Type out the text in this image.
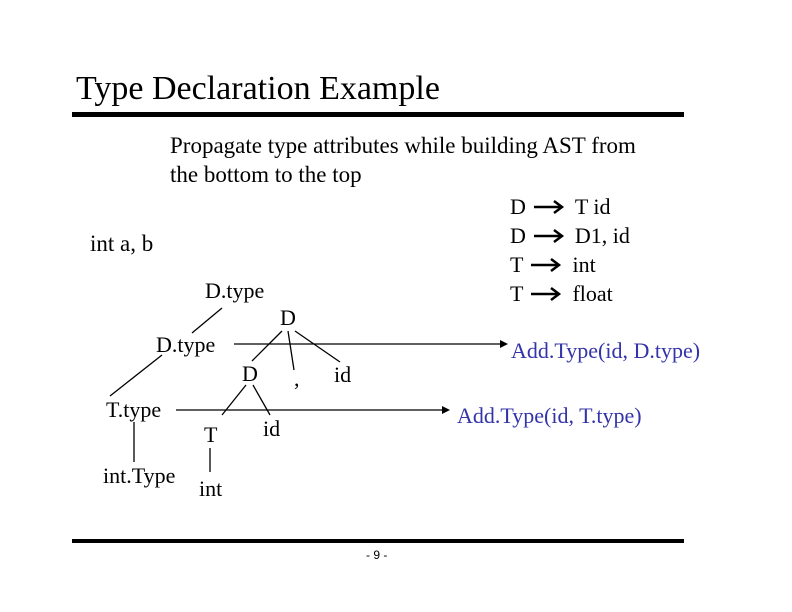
Type Declaration Example
Propagate type attributes while building AST from
the bottom to the top
D T id
D D1, id
T int
T float
int a, b
D.type
D
D.type
D , id
T.type
T id
int.Type
int
Add.Type(id, D.type)
Add.Type(id, T.type)
- 9 -
